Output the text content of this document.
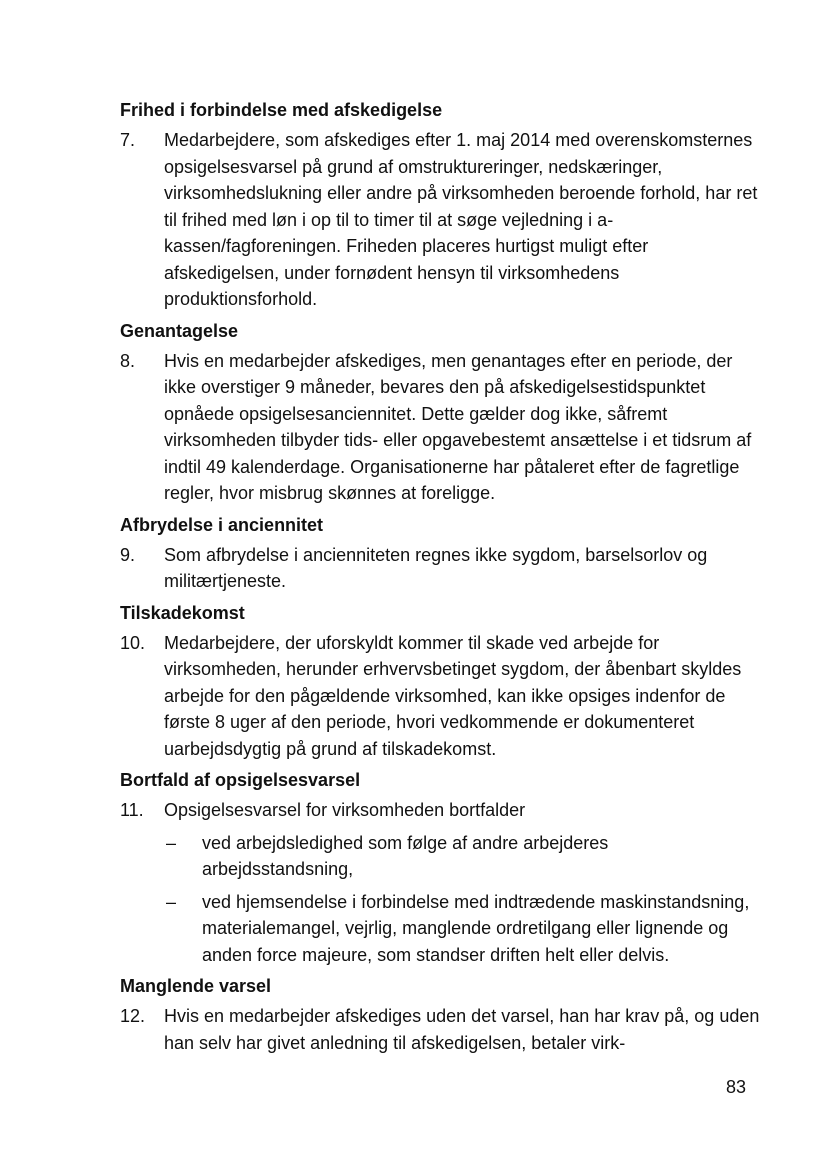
Frihed i forbindelse med afskedigelse
7. Medarbejdere, som afskediges efter 1. maj 2014 med overenskomsternes opsigelsesvarsel på grund af omstruktureringer, nedskæringer, virksomhedslukning eller andre på virksomheden beroende forhold, har ret til frihed med løn i op til to timer til at søge vejledning i a- kassen/fagforeningen. Friheden placeres hurtigst muligt efter afskedigelsen, under fornødent hensyn til virksomhedens produktionsforhold.

Genantagelse
8. Hvis en medarbejder afskediges, men genantages efter en periode, der ikke overstiger 9 måneder, bevares den på afskedigelsestidspunktet opnåede opsigelsesanciennitet. Dette gælder dog ikke, såfremt virksomheden tilbyder tids- eller opgavebestemt ansættelse i et tidsrum af indtil 49 kalenderdage. Organisationerne har påtaleret efter de fagretlige regler, hvor misbrug skønnes at foreligge.

Afbrydelse i anciennitet
9. Som afbrydelse i ancienniteten regnes ikke sygdom, barselsorlov og militærtjeneste.

Tilskadekomst
10. Medarbejdere, der uforskyldt kommer til skade ved arbejde for virksomheden, herunder erhvervsbetinget sygdom, der åbenbart skyldes arbejde for den pågældende virksomhed, kan ikke opsiges indenfor de første 8 uger af den periode, hvori vedkommende er dokumenteret uarbejdsdygtig på grund af tilskadekomst.

Bortfald af opsigelsesvarsel
11. Opsigelsesvarsel for virksomheden bortfalder

– ved arbejdsledighed som følge af andre arbejderes arbejdsstandsning,

– ved hjemsendelse i forbindelse med indtrædende maskinstandsning, materialemangel, vejrlig, manglende ordretilgang eller lignende og anden force majeure, som standser driften helt eller delvis.

Manglende varsel
12. Hvis en medarbejder afskediges uden det varsel, han har krav på, og uden han selv har givet anledning til afskedigelsen, betaler virk-

83
